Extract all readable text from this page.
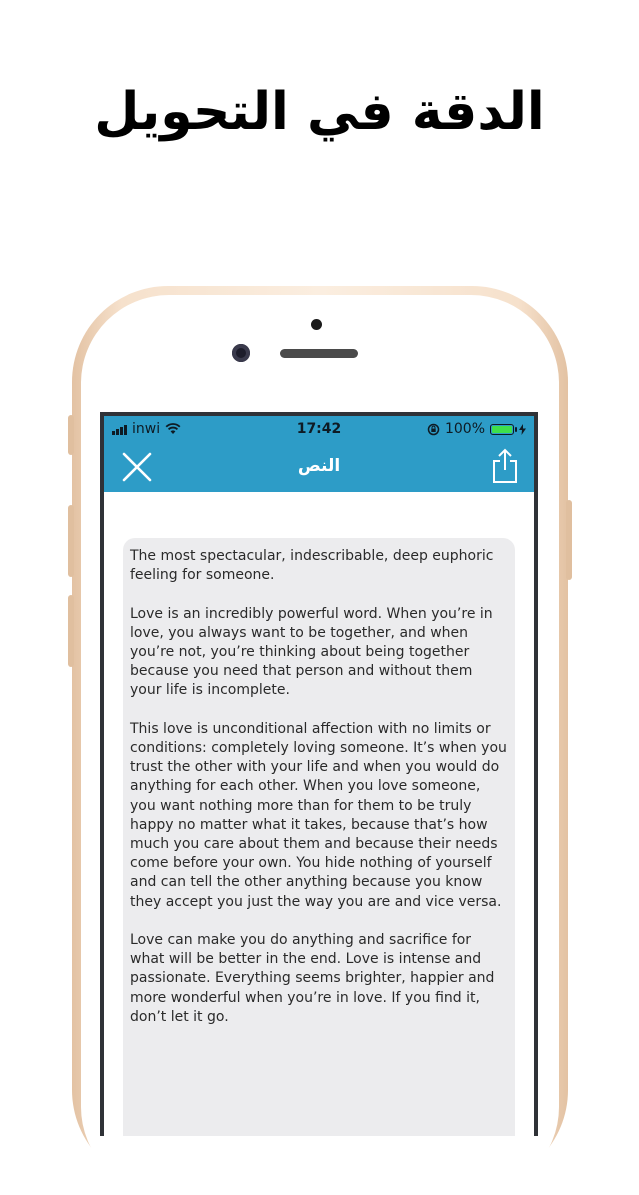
الدقة في التحويل
inwi	17:42	100%
النص

The most spectacular, indescribable, deep euphoric feeling for someone.

Love is an incredibly powerful word. When you’re in love, you always want to be together, and when you’re not, you’re thinking about being together because you need that person and without them your life is incomplete.

This love is unconditional affection with no limits or conditions: completely loving someone. It’s when you trust the other with your life and when you would do anything for each other. When you love someone, you want nothing more than for them to be truly happy no matter what it takes, because that’s how much you care about them and because their needs come before your own. You hide nothing of yourself and can tell the other anything because you know they accept you just the way you are and vice versa.

Love can make you do anything and sacrifice for what will be better in the end. Love is intense and passionate. Everything seems brighter, happier and more wonderful when you’re in love. If you find it, don’t let it go.
